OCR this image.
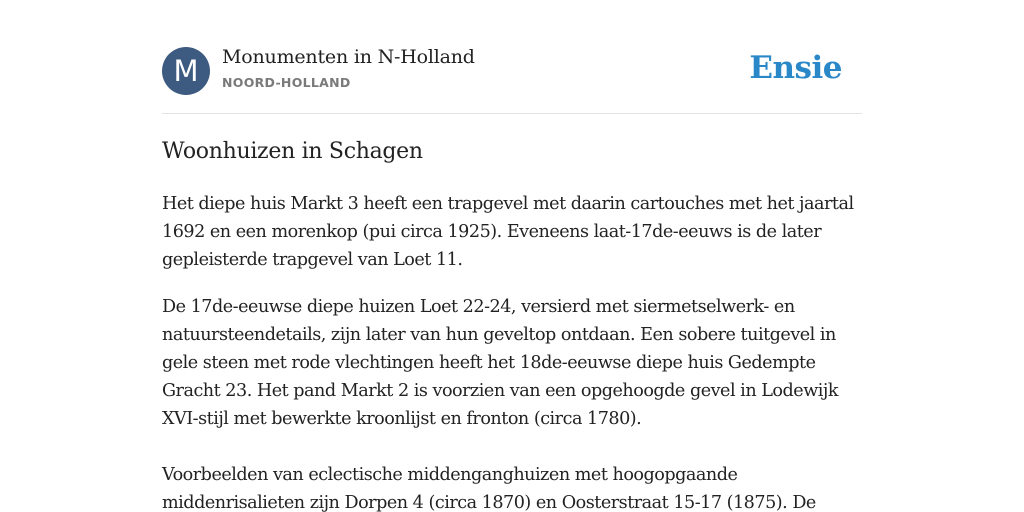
M	Monumenten in N-Holland
NOORD-HOLLAND	Ensie
Woonhuizen in Schagen

Het diepe huis Markt 3 heeft een trapgevel met daarin cartouches met het jaartal
1692 en een morenkop (pui circa 1925). Eveneens laat-17de-eeuws is de later
gepleisterde trapgevel van Loet 11.

De 17de-eeuwse diepe huizen Loet 22-24, versierd met siermetselwerk- en
natuursteendetails, zijn later van hun geveltop ontdaan. Een sobere tuitgevel in
gele steen met rode vlechtingen heeft het 18de-eeuwse diepe huis Gedempte
Gracht 23. Het pand Markt 2 is voorzien van een opgehoogde gevel in Lodewijk
XVI-stijl met bewerkte kroonlijst en fronton (circa 1780).
Voorbeelden van eclectische middenganghuizen met hoogopgaande
middenrisalieten zijn Dorpen 4 (circa 1870) en Oosterstraat 15-17 (1875). De
